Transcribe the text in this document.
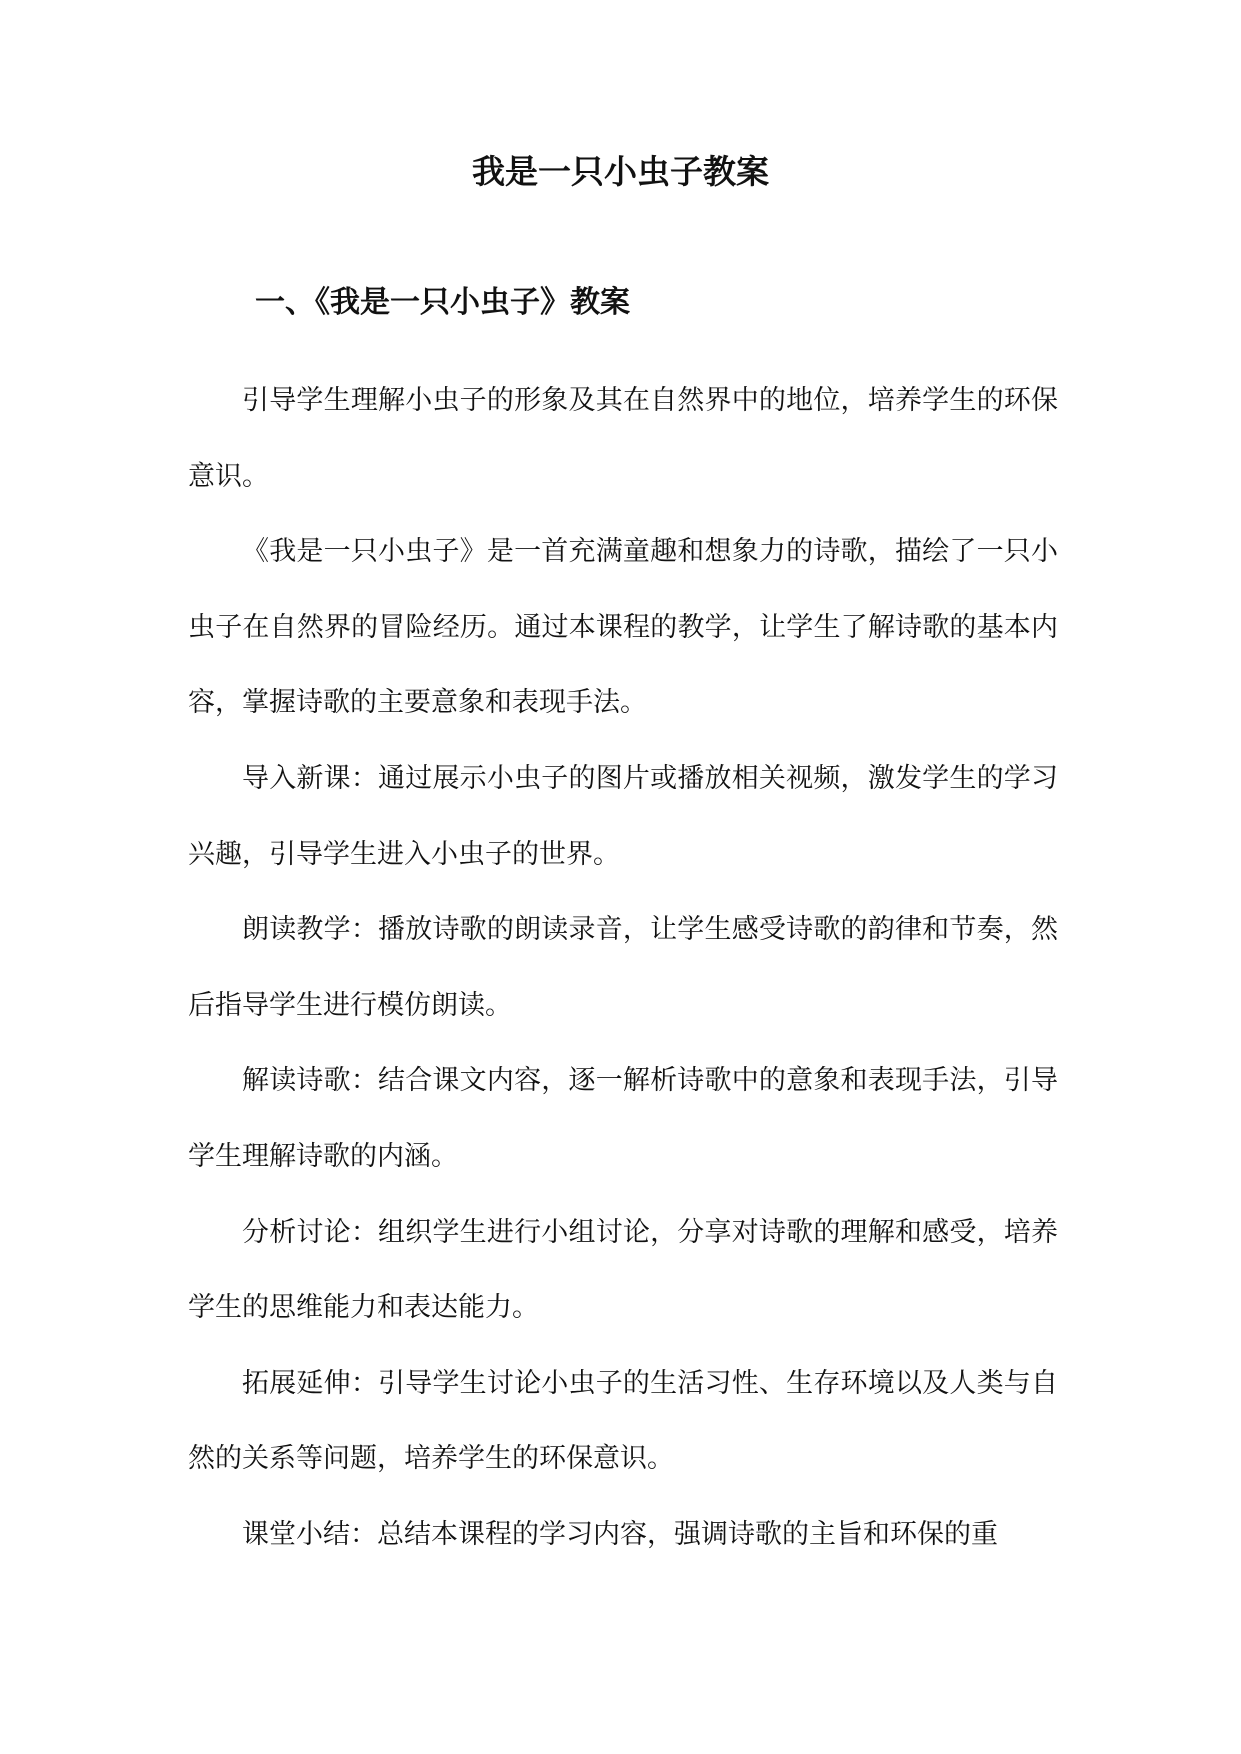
我是一只小虫子教案
一、《我是一只小虫子》教案

引导学生理解小虫子的形象及其在自然界中的地位，培养学生的环保意识。

《我是一只小虫子》是一首充满童趣和想象力的诗歌，描绘了一只小虫子在自然界的冒险经历。通过本课程的教学，让学生了解诗歌的基本内容，掌握诗歌的主要意象和表现手法。

导入新课：通过展示小虫子的图片或播放相关视频，激发学生的学习兴趣，引导学生进入小虫子的世界。

朗读教学：播放诗歌的朗读录音，让学生感受诗歌的韵律和节奏，然后指导学生进行模仿朗读。

解读诗歌：结合课文内容，逐一解析诗歌中的意象和表现手法，引导学生理解诗歌的内涵。

分析讨论：组织学生进行小组讨论，分享对诗歌的理解和感受，培养学生的思维能力和表达能力。

拓展延伸：引导学生讨论小虫子的生活习性、生存环境以及人类与自然的关系等问题，培养学生的环保意识。

课堂小结：总结本课程的学习内容，强调诗歌的主旨和环保的重
